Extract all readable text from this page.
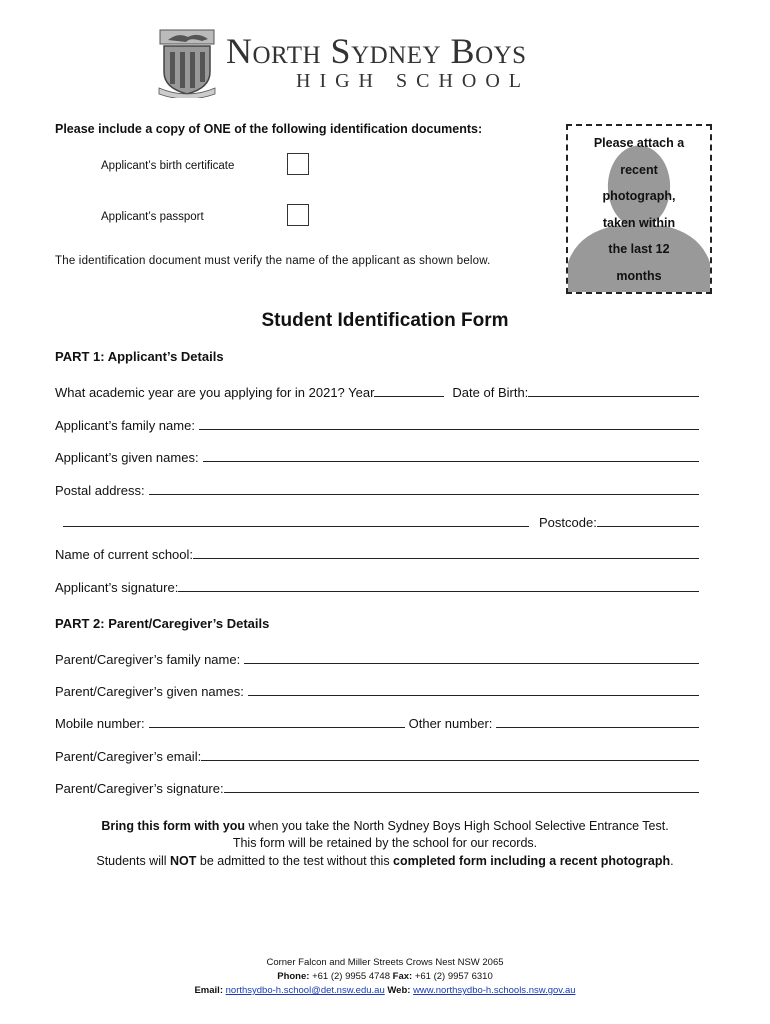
North Sydney Boys
HIGH SCHOOL
Please include a copy of ONE of the following identification documents:
Applicant’s birth certificate
Applicant’s passport
The identification document must verify the name of the applicant as shown below.
Please attach a
recent
photograph,
taken within
the last 12
months
Student Identification Form
PART 1: Applicant’s Details
What academic year are you applying for in 2021? Year	Date of Birth:
Applicant’s family name:
Applicant’s given names:
Postal address:
Postcode:
Name of current school:
Applicant’s signature:
PART 2: Parent/Caregiver’s Details
Parent/Caregiver’s family name:
Parent/Caregiver’s given names:
Mobile number:	Other number:
Parent/Caregiver’s email:
Parent/Caregiver’s signature:
Bring this form with you when you take the North Sydney Boys High School Selective Entrance Test.
This form will be retained by the school for our records.
Students will NOT be admitted to the test without this completed form including a recent photograph.
Corner Falcon and Miller Streets Crows Nest NSW 2065
Phone: +61 (2) 9955 4748 Fax: +61 (2) 9957 6310
Email: northsydbo-h.school@det.nsw.edu.au Web: www.northsydbo-h.schools.nsw.gov.au
